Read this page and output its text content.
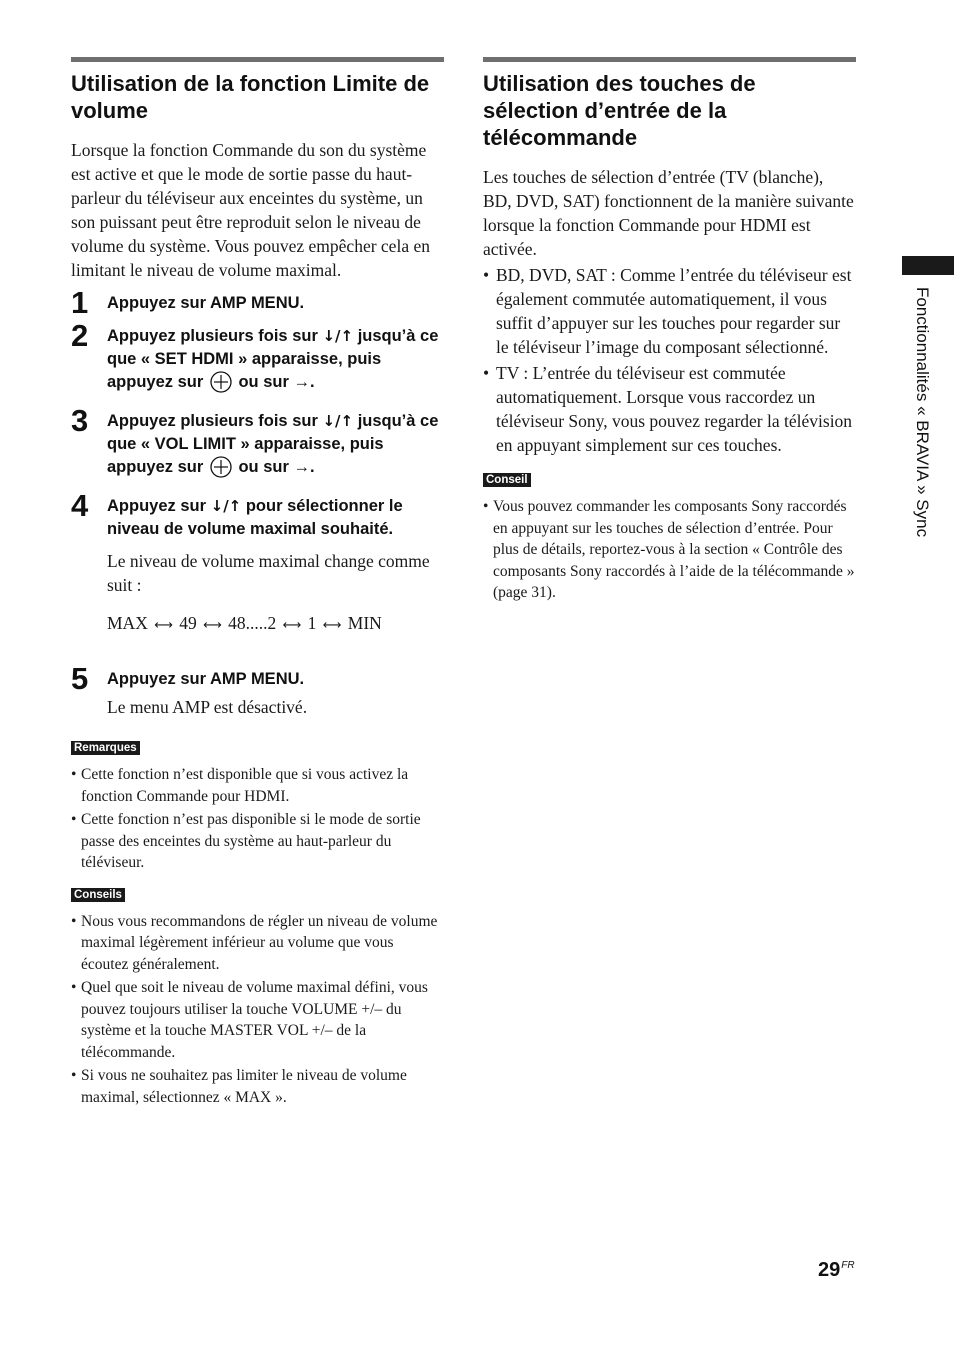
Utilisation de la fonction Limite de volume

Lorsque la fonction Commande du son du système est active et que le mode de sortie passe du haut-parleur du téléviseur aux enceintes du système, un son puissant peut être reproduit selon le niveau de volume du système. Vous pouvez empêcher cela en limitant le niveau de volume maximal.

1 Appuyez sur AMP MENU.
2 Appuyez plusieurs fois sur ↓/↑ jusqu’à ce que « SET HDMI » apparaisse, puis appuyez sur ou sur →.
3 Appuyez plusieurs fois sur ↓/↑ jusqu’à ce que « VOL LIMIT » apparaisse, puis appuyez sur ou sur →.
4 Appuyez sur ↓/↑ pour sélectionner le niveau de volume maximal souhaité.
Le niveau de volume maximal change comme suit :
MAX ⟷ 49 ⟷ 48.....2 ⟷ 1 ⟷ MIN
5 Appuyez sur AMP MENU.
Le menu AMP est désactivé.
Remarques
• Cette fonction n’est disponible que si vous activez la fonction Commande pour HDMI.
• Cette fonction n’est pas disponible si le mode de sortie passe des enceintes du système au haut-parleur du téléviseur.
Conseils
• Nous vous recommandons de régler un niveau de volume maximal légèrement inférieur au volume que vous écoutez généralement.
• Quel que soit le niveau de volume maximal défini, vous pouvez toujours utiliser la touche VOLUME +/– du système et la touche MASTER VOL +/– de la télécommande.
• Si vous ne souhaitez pas limiter le niveau de volume maximal, sélectionnez « MAX ».
Utilisation des touches de sélection d’entrée de la télécommande

Les touches de sélection d’entrée (TV (blanche), BD, DVD, SAT) fonctionnent de la manière suivante lorsque la fonction Commande pour HDMI est activée.

• BD, DVD, SAT : Comme l’entrée du téléviseur est également commutée automatiquement, il vous suffit d’appuyer sur les touches pour regarder sur le téléviseur l’image du composant sélectionné.
• TV : L’entrée du téléviseur est commutée automatiquement. Lorsque vous raccordez un téléviseur Sony, vous pouvez regarder la télévision en appuyant simplement sur ces touches.
Conseil
• Vous pouvez commander les composants Sony raccordés en appuyant sur les touches de sélection d’entrée. Pour plus de détails, reportez-vous à la section « Contrôle des composants Sony raccordés à l’aide de la télécommande » (page 31).
Fonctionnalités « BRAVIA » Sync
$29^{FR}$
